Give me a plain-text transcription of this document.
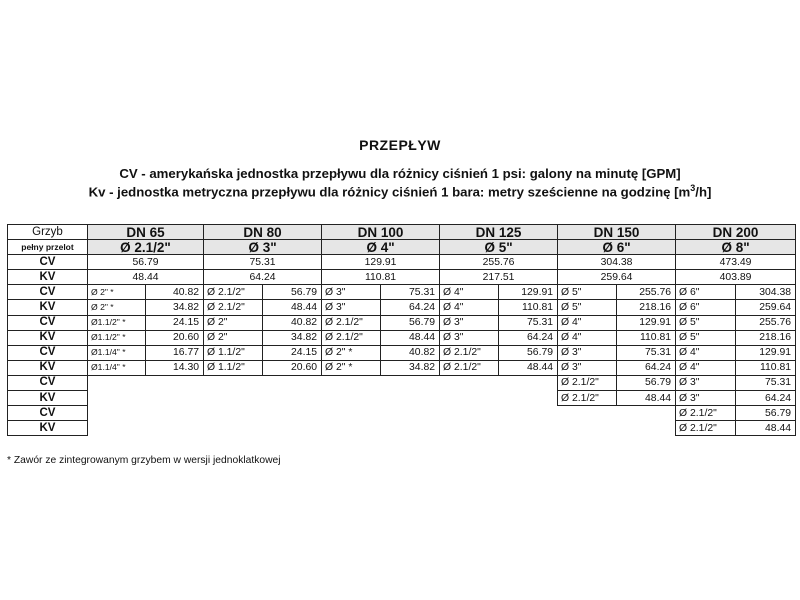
PRZEPŁYW
CV - amerykańska jednostka przepływu dla różnicy ciśnień 1 psi: galony na minutę [GPM]
Kv - jednostka metryczna przepływu dla różnicy ciśnień 1 bara: metry sześcienne na godzinę $[m^3/h]$
Grzyb	DN 65		DN 80		DN 100		DN 125		DN 150		DN 200	
pełny przelot	Ø 2.1/2"		Ø 3"		Ø 4"		Ø 5"		Ø 6"		Ø 8"	
CV	56.79		75.31		129.91		255.76		304.38		473.49	
KV	48.44		64.24		110.81		217.51		259.64		403.89	
CV	Ø 2" *	40.82	Ø 2.1/2"	56.79	Ø 3"	75.31	Ø 4"	129.91	Ø 5"	255.76	Ø 6"	304.38
KV	Ø 2" *	34.82	Ø 2.1/2"	48.44	Ø 3"	64.24	Ø 4"	110.81	Ø 5"	218.16	Ø 6"	259.64
CV	Ø1.1/2" *	24.15	Ø 2"	40.82	Ø 2.1/2"	56.79	Ø 3"	75.31	Ø 4"	129.91	Ø 5"	255.76
KV	Ø1.1/2" *	20.60	Ø 2"	34.82	Ø 2.1/2"	48.44	Ø 3"	64.24	Ø 4"	110.81	Ø 5"	218.16
CV	Ø1.1/4" *	16.77	Ø 1.1/2"	24.15	Ø 2" *	40.82	Ø 2.1/2"	56.79	Ø 3"	75.31	Ø 4"	129.91
KV	Ø1.1/4" *	14.30	Ø 1.1/2"	20.60	Ø 2" *	34.82	Ø 2.1/2"	48.44	Ø 3"	64.24	Ø 4"	110.81
CV									Ø 2.1/2"	56.79	Ø 3"	75.31
KV									Ø 2.1/2"	48.44	Ø 3"	64.24
CV											Ø 2.1/2"	56.79
KV											Ø 2.1/2"	48.44
* Zawór ze zintegrowanym grzybem w wersji jednoklatkowej
